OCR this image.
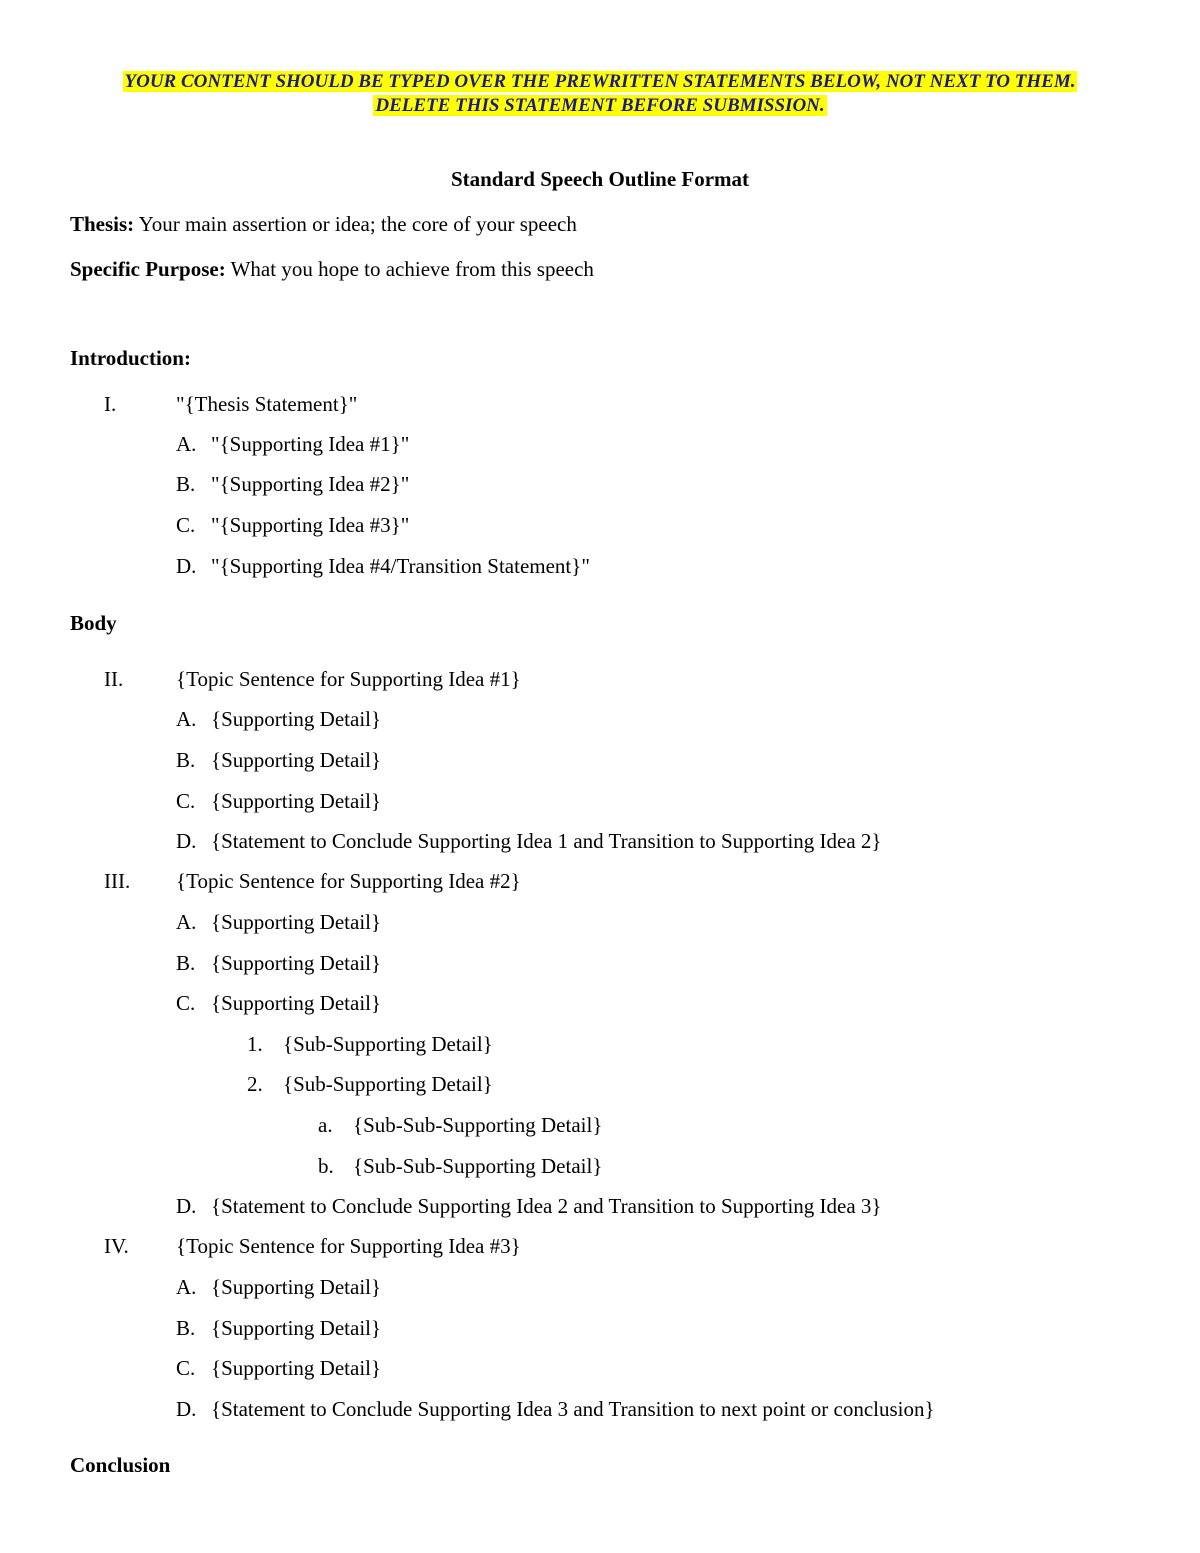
YOUR CONTENT SHOULD BE TYPED OVER THE PREWRITTEN STATEMENTS BELOW, NOT NEXT TO THEM.
DELETE THIS STATEMENT BEFORE SUBMISSION.
Standard Speech Outline Format
Thesis: Your main assertion or idea; the core of your speech
Specific Purpose: What you hope to achieve from this speech
Introduction:
I.	"{Thesis Statement}"
A. "{Supporting Idea #1}"
B. "{Supporting Idea #2}"
C. "{Supporting Idea #3}"
D. "{Supporting Idea #4/Transition Statement}"
Body
II.	{Topic Sentence for Supporting Idea #1}
A. {Supporting Detail}
B. {Supporting Detail}
C. {Supporting Detail}
D. {Statement to Conclude Supporting Idea 1 and Transition to Supporting Idea 2}
III. {Topic Sentence for Supporting Idea #2}
A. {Supporting Detail}
B. {Supporting Detail}
C. {Supporting Detail}
1. {Sub-Supporting Detail}
2. {Sub-Supporting Detail}
a. {Sub-Sub-Supporting Detail}
b. {Sub-Sub-Supporting Detail}
D. {Statement to Conclude Supporting Idea 2 and Transition to Supporting Idea 3}
IV. {Topic Sentence for Supporting Idea #3}
A. {Supporting Detail}
B. {Supporting Detail}
C. {Supporting Detail}
D. {Statement to Conclude Supporting Idea 3 and Transition to next point or conclusion}
Conclusion
